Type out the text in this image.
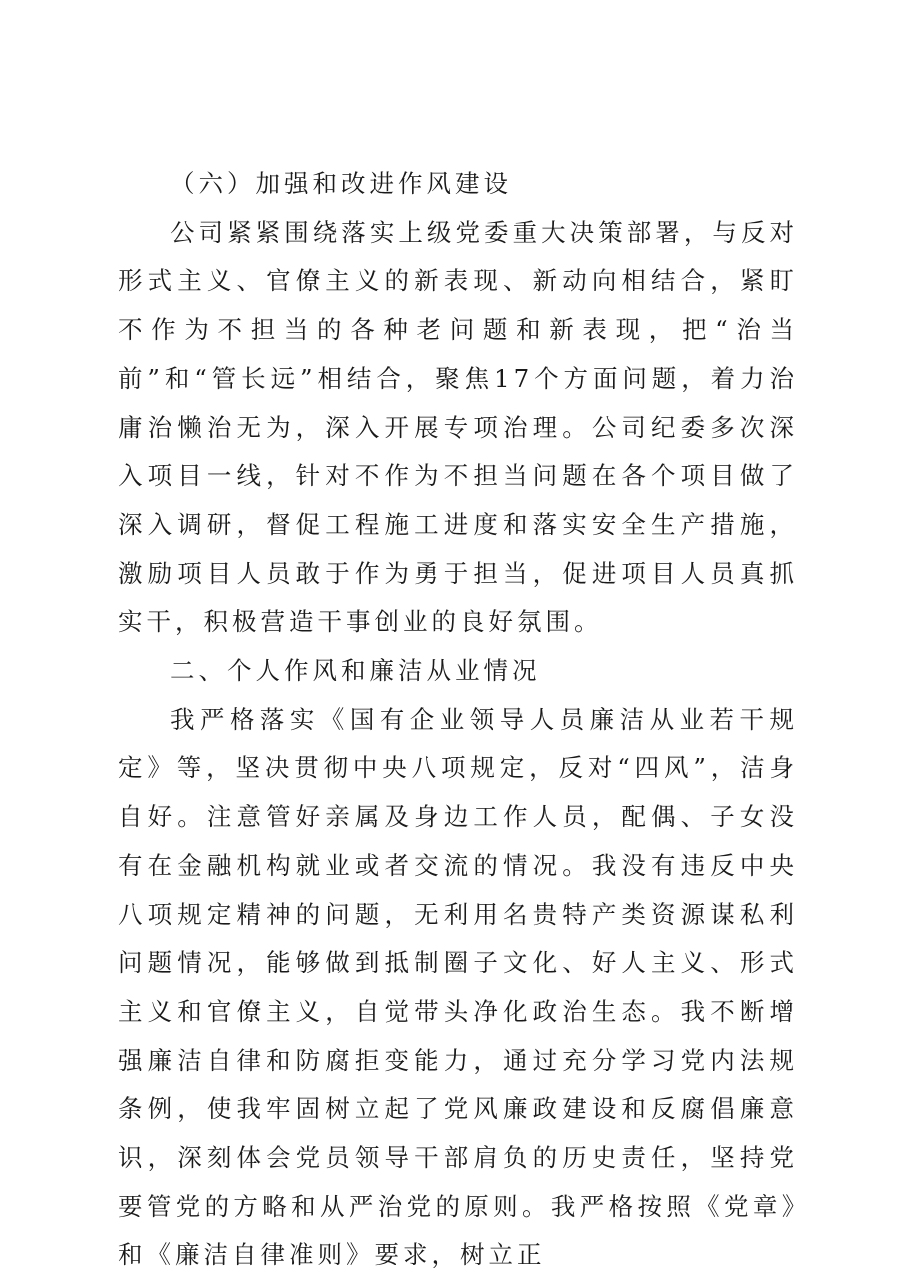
（六）加强和改进作风建设

公司紧紧围绕落实上级党委重大决策部署，与反对形式主义、官僚主义的新表现、新动向相结合，紧盯不作为不担当的各种老问题和新表现，把“治当前”和“管长远”相结合，聚焦17个方面问题，着力治庸治懒治无为，深入开展专项治理。公司纪委多次深入项目一线，针对不作为不担当问题在各个项目做了深入调研，督促工程施工进度和落实安全生产措施，激励项目人员敢于作为勇于担当，促进项目人员真抓实干，积极营造干事创业的良好氛围。

二、个人作风和廉洁从业情况

我严格落实《国有企业领导人员廉洁从业若干规定》等，坚决贯彻中央八项规定，反对“四风”，洁身自好。注意管好亲属及身边工作人员，配偶、子女没有在金融机构就业或者交流的情况。我没有违反中央八项规定精神的问题，无利用名贵特产类资源谋私利问题情况，能够做到抵制圈子文化、好人主义、形式主义和官僚主义，自觉带头净化政治生态。我不断增强廉洁自律和防腐拒变能力，通过充分学习党内法规条例，使我牢固树立起了党风廉政建设和反腐倡廉意识，深刻体会党员领导干部肩负的历史责任，坚持党要管党的方略和从严治党的原则。我严格按照《党章》和《廉洁自律准则》要求，树立正
